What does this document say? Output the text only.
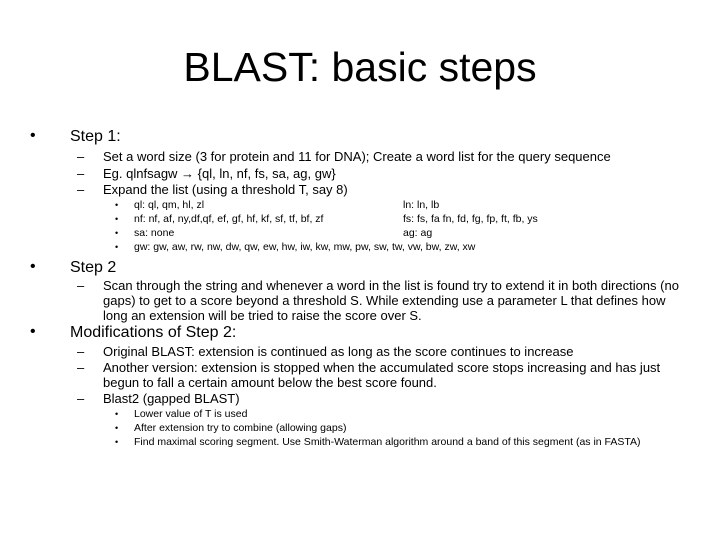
BLAST: basic steps
• Step 1:
– Set a word size (3 for protein and 11 for DNA); Create a word list for the query sequence
– Eg. qlnfsagw → {ql, ln, nf, fs, sa, ag, gw}
– Expand the list (using a threshold T, say 8)
• ql: ql, qm, hl, zl	ln: ln, lb
• nf: nf, af, ny,df,qf, ef, gf, hf, kf, sf, tf, bf, zf	fs: fs, fa fn, fd, fg, fp, ft, fb, ys
• sa: none	ag: ag
• gw: gw, aw, rw, nw, dw, qw, ew, hw, iw, kw, mw, pw, sw, tw, vw, bw, zw, xw
• Step 2
– Scan through the string and whenever a word in the list is found try to extend it in both directions (no gaps) to get to a score beyond a threshold S. While extending use a parameter L that defines how long an extension will be tried to raise the score over S.
• Modifications of Step 2:
– Original BLAST: extension is continued as long as the score continues to increase
– Another version: extension is stopped when the accumulated score stops increasing and has just begun to fall a certain amount below the best score found.
– Blast2 (gapped BLAST)
• Lower value of T is used
• After extension try to combine (allowing gaps)
• Find maximal scoring segment. Use Smith-Waterman algorithm around a band of this segment (as in FASTA)
